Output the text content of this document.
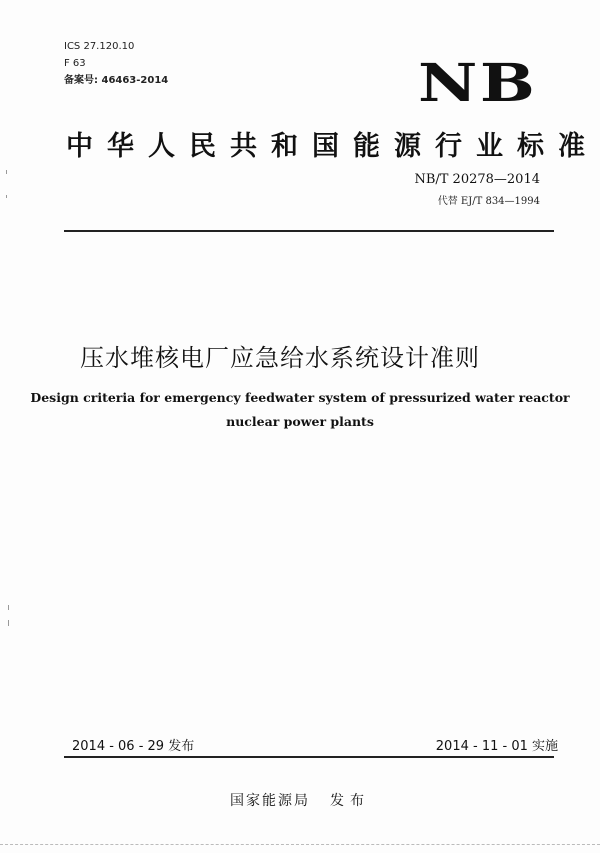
ICS 27.120.10
F 63
备案号: 46463-2014	NB
中华人民共和国能源行业标准
NB/T 20278—2014
代替 EJ/T 834—1994
压水堆核电厂应急给水系统设计准则
Design criteria for emergency feedwater system of pressurized water reactor
nuclear power plants
2014 - 06 - 29 发布	2014 - 11 - 01 实施
国家能源局 发布
